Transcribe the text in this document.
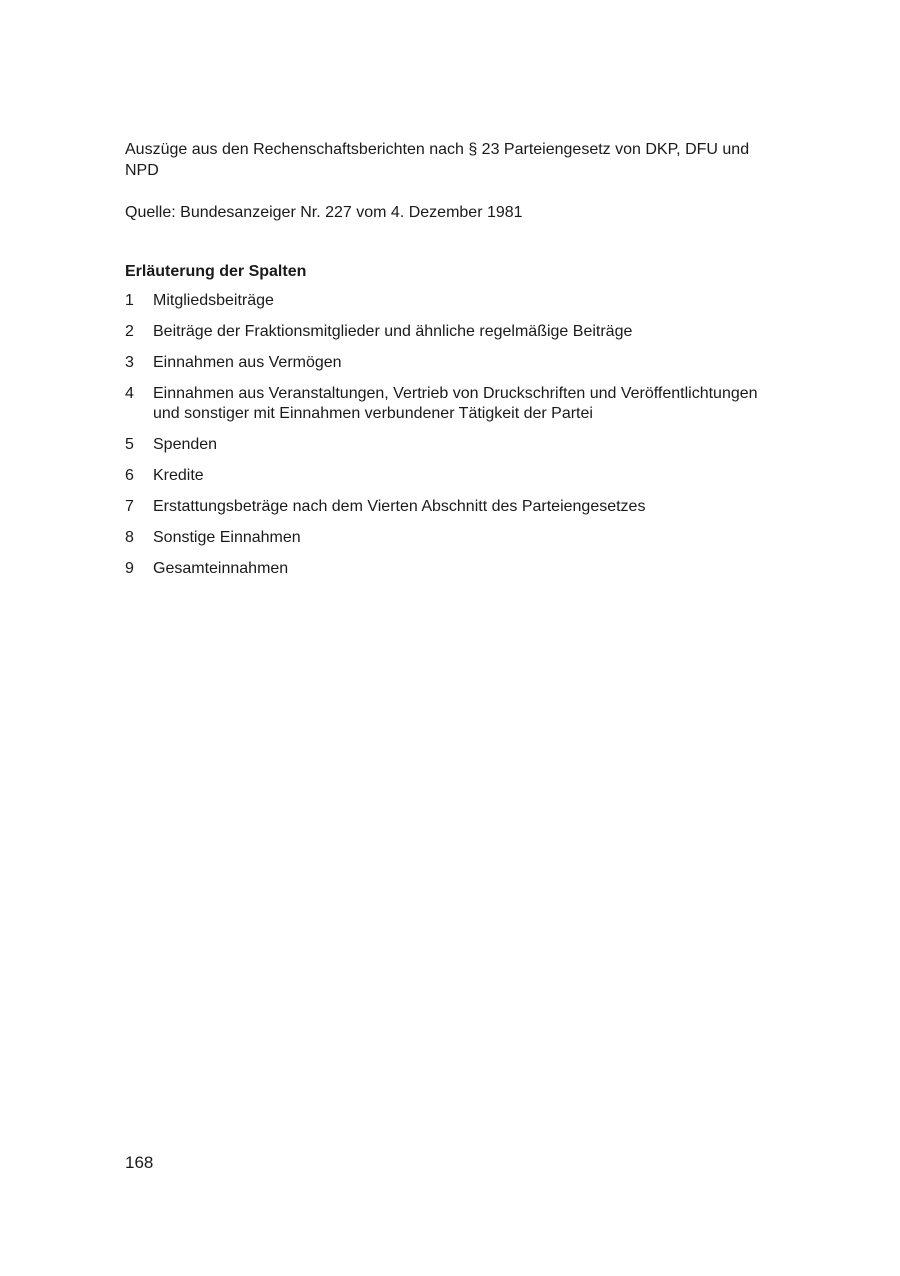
Auszüge aus den Rechenschaftsberichten nach § 23 Parteiengesetz von DKP, DFU und NPD

Quelle: Bundesanzeiger Nr. 227 vom 4. Dezember 1981

Erläuterung der Spalten
1	Mitgliedsbeiträge
2	Beiträge der Fraktionsmitglieder und ähnliche regelmäßige Beiträge
3	Einnahmen aus Vermögen
4	Einnahmen aus Veranstaltungen, Vertrieb von Druckschriften und Veröffentlichtungen und sonstiger mit Einnahmen verbundener Tätigkeit der Partei
5	Spenden
6	Kredite
7	Erstattungsbeträge nach dem Vierten Abschnitt des Parteiengesetzes
8	Sonstige Einnahmen
9	Gesamteinnahmen

168
